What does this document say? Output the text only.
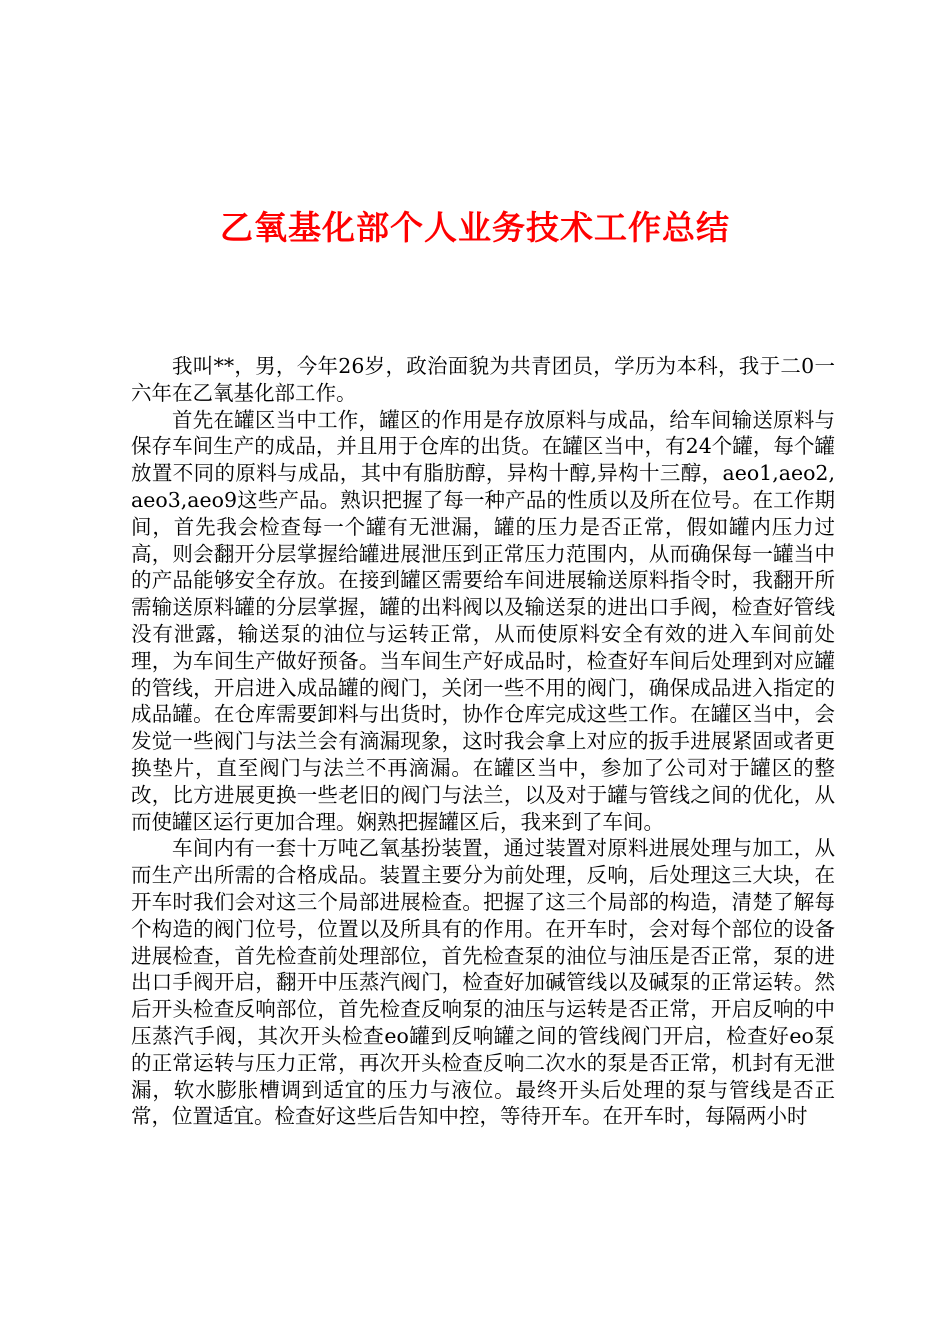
乙氧基化部个人业务技术工作总结

我叫**，男，今年26岁，政治面貌为共青团员，学历为本科，我于二0一六年在乙氧基化部工作。

首先在罐区当中工作，罐区的作用是存放原料与成品，给车间输送原料与保存车间生产的成品，并且用于仓库的出货。在罐区当中，有24个罐，每个罐放置不同的原料与成品，其中有脂肪醇，异构十醇,异构十三醇，aeo1,aeo2,aeo3,aeo9这些产品。熟识把握了每一种产品的性质以及所在位号。在工作期间，首先我会检查每一个罐有无泄漏，罐的压力是否正常，假如罐内压力过高，则会翻开分层掌握给罐进展泄压到正常压力范围内，从而确保每一罐当中的产品能够安全存放。在接到罐区需要给车间进展输送原料指令时，我翻开所需输送原料罐的分层掌握，罐的出料阀以及输送泵的进出口手阀，检查好管线没有泄露，输送泵的油位与运转正常，从而使原料安全有效的进入车间前处理，为车间生产做好预备。当车间生产好成品时，检查好车间后处理到对应罐的管线，开启进入成品罐的阀门，关闭一些不用的阀门，确保成品进入指定的成品罐。在仓库需要卸料与出货时，协作仓库完成这些工作。在罐区当中，会发觉一些阀门与法兰会有滴漏现象，这时我会拿上对应的扳手进展紧固或者更换垫片，直至阀门与法兰不再滴漏。在罐区当中，参加了公司对于罐区的整改，比方进展更换一些老旧的阀门与法兰，以及对于罐与管线之间的优化，从而使罐区运行更加合理。娴熟把握罐区后，我来到了车间。

车间内有一套十万吨乙氧基扮装置，通过装置对原料进展处理与加工，从而生产出所需的合格成品。装置主要分为前处理，反响，后处理这三大块，在开车时我们会对这三个局部进展检查。把握了这三个局部的构造，清楚了解每个构造的阀门位号，位置以及所具有的作用。在开车时，会对每个部位的设备进展检查，首先检查前处理部位，首先检查泵的油位与油压是否正常，泵的进出口手阀开启，翻开中压蒸汽阀门，检查好加碱管线以及碱泵的正常运转。然后开头检查反响部位，首先检查反响泵的油压与运转是否正常，开启反响的中压蒸汽手阀，其次开头检查eo罐到反响罐之间的管线阀门开启，检查好eo泵的正常运转与压力正常，再次开头检查反响二次水的泵是否正常，机封有无泄漏，软水膨胀槽调到适宜的压力与液位。最终开头后处理的泵与管线是否正常，位置适宜。检查好这些后告知中控，等待开车。在开车时，每隔两小时
